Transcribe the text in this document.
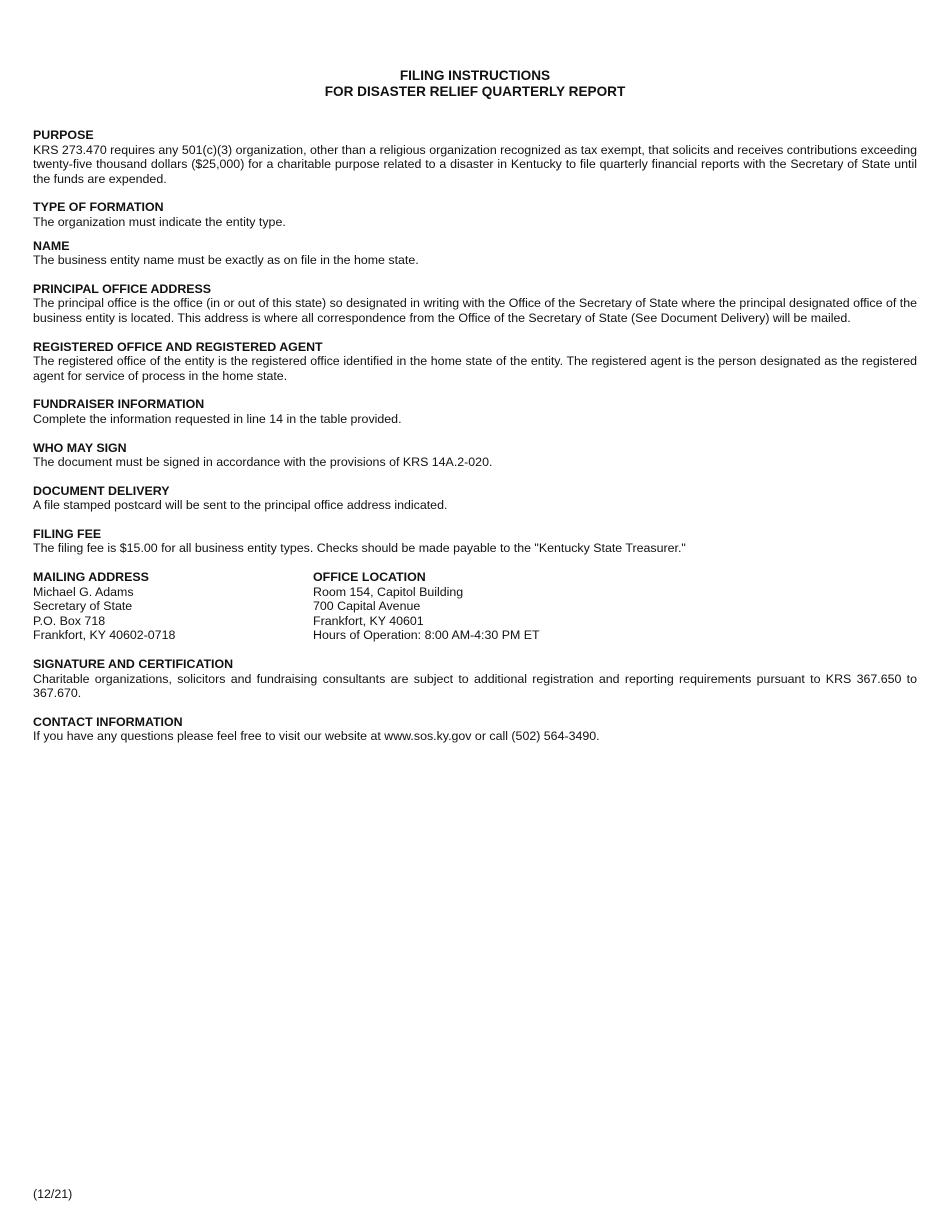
FILING INSTRUCTIONS
FOR DISASTER RELIEF QUARTERLY REPORT
PURPOSE
KRS 273.470 requires any 501(c)(3) organization, other than a religious organization recognized as tax exempt, that solicits and receives contributions exceeding twenty-five thousand dollars ($25,000) for a charitable purpose related to a disaster in Kentucky to file quarterly financial reports with the Secretary of State until the funds are expended.
TYPE OF FORMATION
The organization must indicate the entity type.
NAME
The business entity name must be exactly as on file in the home state.
PRINCIPAL OFFICE ADDRESS
The principal office is the office (in or out of this state) so designated in writing with the Office of the Secretary of State where the principal designated office of the business entity is located. This address is where all correspondence from the Office of the Secretary of State (See Document Delivery) will be mailed.
REGISTERED OFFICE AND REGISTERED AGENT
The registered office of the entity is the registered office identified in the home state of the entity. The registered agent is the person designated as the registered agent for service of process in the home state.
FUNDRAISER INFORMATION
Complete the information requested in line 14 in the table provided.
WHO MAY SIGN
The document must be signed in accordance with the provisions of KRS 14A.2-020.
DOCUMENT DELIVERY
A file stamped postcard will be sent to the principal office address indicated.
FILING FEE
The filing fee is $15.00 for all business entity types. Checks should be made payable to the "Kentucky State Treasurer."
MAILING ADDRESS
Michael G. Adams
Secretary of State
P.O. Box 718
Frankfort, KY 40602-0718
OFFICE LOCATION
Room 154, Capitol Building
700 Capital Avenue
Frankfort, KY 40601
Hours of Operation: 8:00 AM-4:30 PM ET
SIGNATURE AND CERTIFICATION
Charitable organizations, solicitors and fundraising consultants are subject to additional registration and reporting requirements pursuant to KRS 367.650 to 367.670.
CONTACT INFORMATION
If you have any questions please feel free to visit our website at www.sos.ky.gov or call (502) 564-3490.
(12/21)
